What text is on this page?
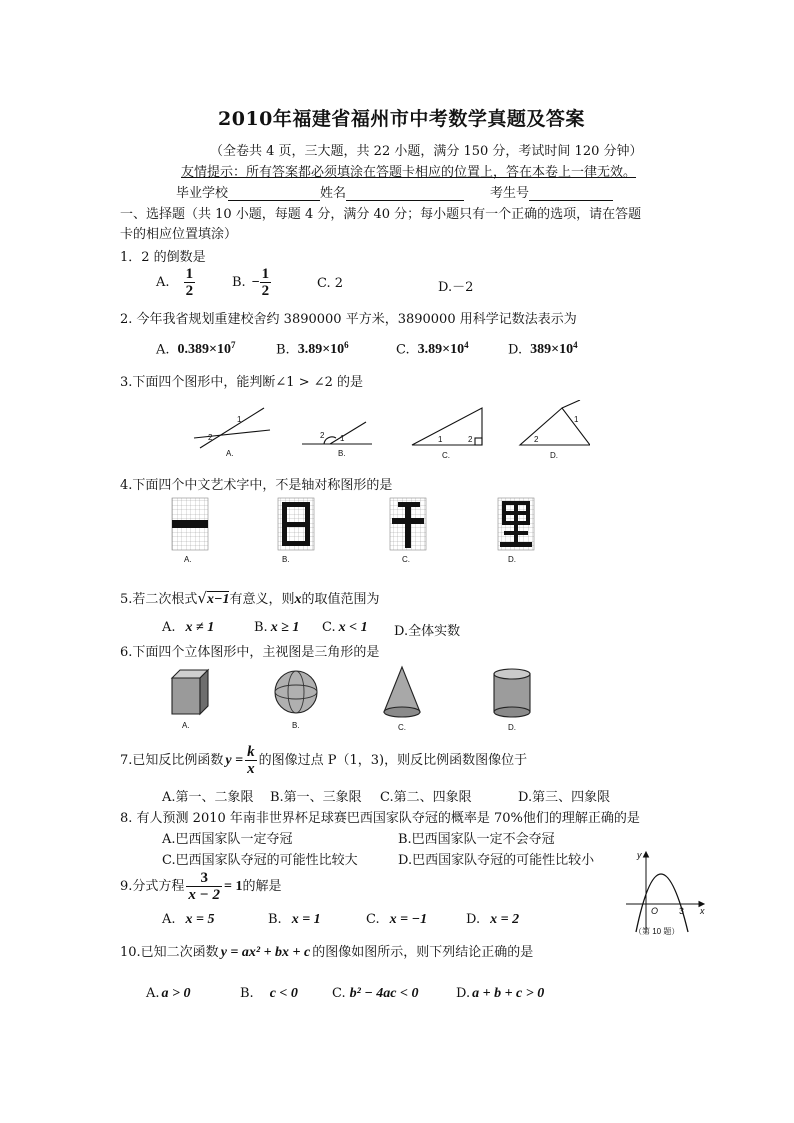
2010年福建省福州市中考数学真题及答案
（全卷共 4 页，三大题，共 22 小题，满分 150 分，考试时间 120 分钟）
友情提示：所有答案都必须填涂在答题卡相应的位置上，答在本卷上一律无效。
毕业学校	姓名	考生号
一、选择题（共 10 小题，每题 4 分，满分 40 分；每小题只有一个正确的选项，请在答题
卡的相应位置填涂）
1．2 的倒数是
A. $\frac{1}{2}$	B. − $\frac{1}{2}$	C. 2	D.－2
2. 今年我省规划重建校舍约 3890000 平方米，3890000 用科学记数法表示为
A. $0.389\times 10^7$	B. $3.89\times 10^6$	C. $3.89\times 10^4$	D. $389\times 10^4$
3.下面四个图形中，能判断∠1 > ∠2 的是
1
2	2 1	1	2
1
2
A.	B.	C.	D.
4.下面四个中文艺术字中，不是轴对称图形的是
A.	B.	C.	D.
5.若二次根式√x−1有意义，则x的取值范围为
A. x ≠ 1	B. x ≥ 1 C. x < 1 D.全体实数
6.下面四个立体图形中，主视图是三角形的是
A.	B.	C.	D.
7.已知反比例函数 $y = \frac{k}{x}$ 的图像过点 P（1，3)，则反比例函数图像位于
A.第一、二象限 B.第一、三象限 C.第二、四象限	D.第三、四象限
8. 有人预测 2010 年南非世界杯足球赛巴西国家队夺冠的概率是 70%他们的理解正确的是
A.巴西国家队一定夺冠	B.巴西国家队一定不会夺冠
C.巴西国家队夺冠的可能性比较大	D.巴西国家队夺冠的可能性比较小
9.分式方程 $\frac{3}{x - 2} = 1$的解是
A. x = 5	B. x = 1	C. x = −1	D. x = 2
y
x
O 3
（第 10 题）
10.已知二次函数 y = ax² + bx + c 的图像如图所示，则下列结论正确的是
A. a > 0	B. c < 0	C. b² − 4ac < 0	D. a + b + c > 0
